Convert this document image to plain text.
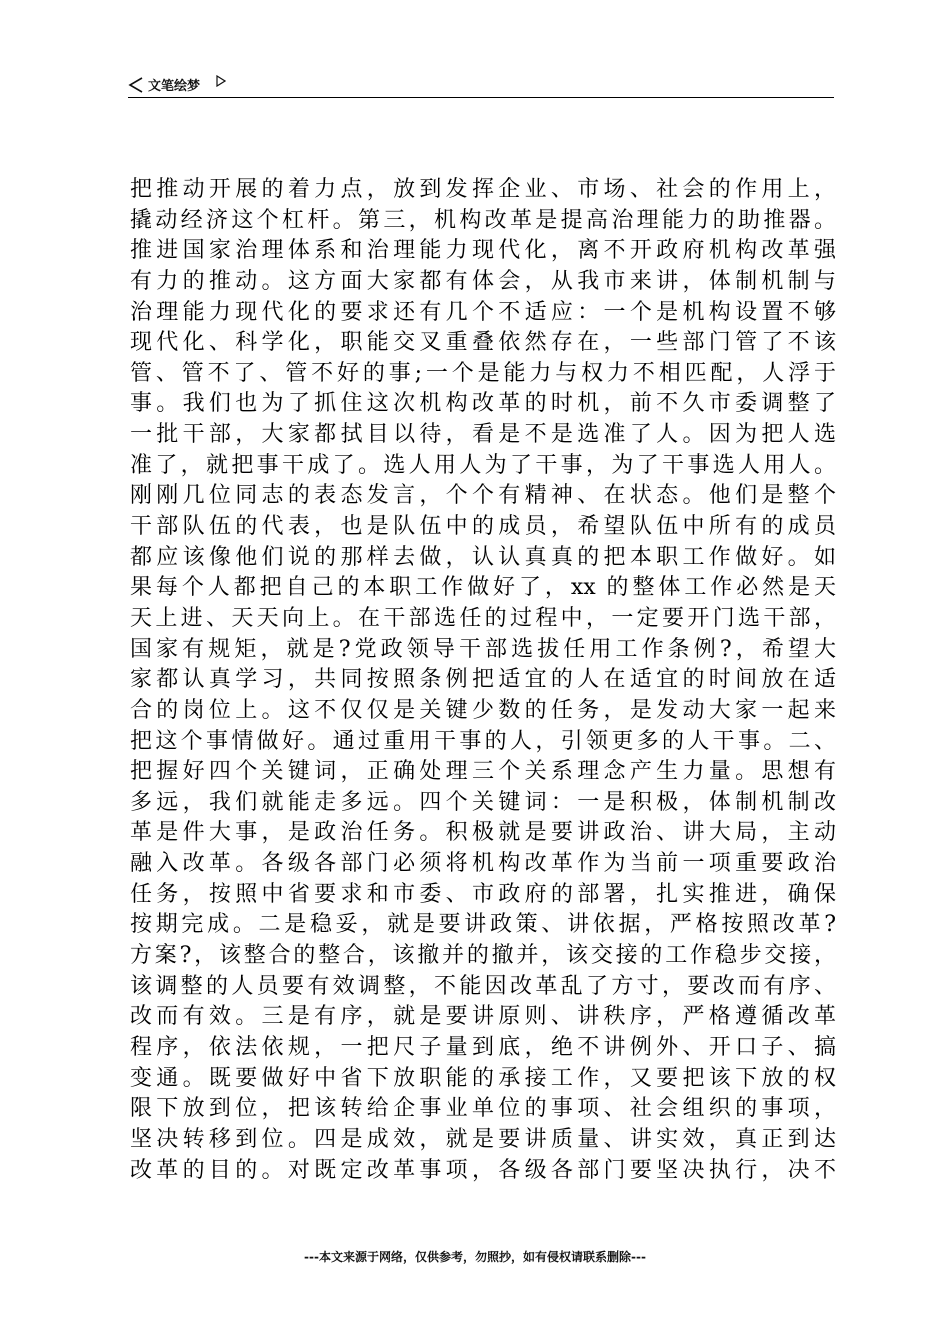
文笔绘梦
把推动开展的着力点，放到发挥企业、市场、社会的作用上，
撬动经济这个杠杆。第三，机构改革是提高治理能力的助推器。
推进国家治理体系和治理能力现代化，离不开政府机构改革强
有力的推动。这方面大家都有体会，从我市来讲，体制机制与
治理能力现代化的要求还有几个不适应：一个是机构设置不够
现代化、科学化，职能交叉重叠依然存在，一些部门管了不该
管、管不了、管不好的事;一个是能力与权力不相匹配，人浮于
事。我们也为了抓住这次机构改革的时机，前不久市委调整了
一批干部，大家都拭目以待，看是不是选准了人。因为把人选
准了，就把事干成了。选人用人为了干事，为了干事选人用人。
刚刚几位同志的表态发言，个个有精神、在状态。他们是整个
干部队伍的代表，也是队伍中的成员，希望队伍中所有的成员
都应该像他们说的那样去做，认认真真的把本职工作做好。如
果每个人都把自己的本职工作做好了，xx 的整体工作必然是天
天上进、天天向上。在干部选任的过程中，一定要开门选干部，
国家有规矩，就是?党政领导干部选拔任用工作条例?，希望大
家都认真学习，共同按照条例把适宜的人在适宜的时间放在适
合的岗位上。这不仅仅是关键少数的任务，是发动大家一起来
把这个事情做好。通过重用干事的人，引领更多的人干事。二、
把握好四个关键词，正确处理三个关系理念产生力量。思想有
多远，我们就能走多远。四个关键词：一是积极，体制机制改
革是件大事，是政治任务。积极就是要讲政治、讲大局，主动
融入改革。各级各部门必须将机构改革作为当前一项重要政治
任务，按照中省要求和市委、市政府的部署，扎实推进，确保
按期完成。二是稳妥，就是要讲政策、讲依据，严格按照改革?
方案?，该整合的整合，该撤并的撤并，该交接的工作稳步交接，
该调整的人员要有效调整，不能因改革乱了方寸，要改而有序、
改而有效。三是有序，就是要讲原则、讲秩序，严格遵循改革
程序，依法依规，一把尺子量到底，绝不讲例外、开口子、搞
变通。既要做好中省下放职能的承接工作，又要把该下放的权
限下放到位，把该转给企事业单位的事项、社会组织的事项，
坚决转移到位。四是成效，就是要讲质量、讲实效，真正到达
改革的目的。对既定改革事项，各级各部门要坚决执行，决不
---本文来源于网络，仅供参考，勿照抄，如有侵权请联系删除---
